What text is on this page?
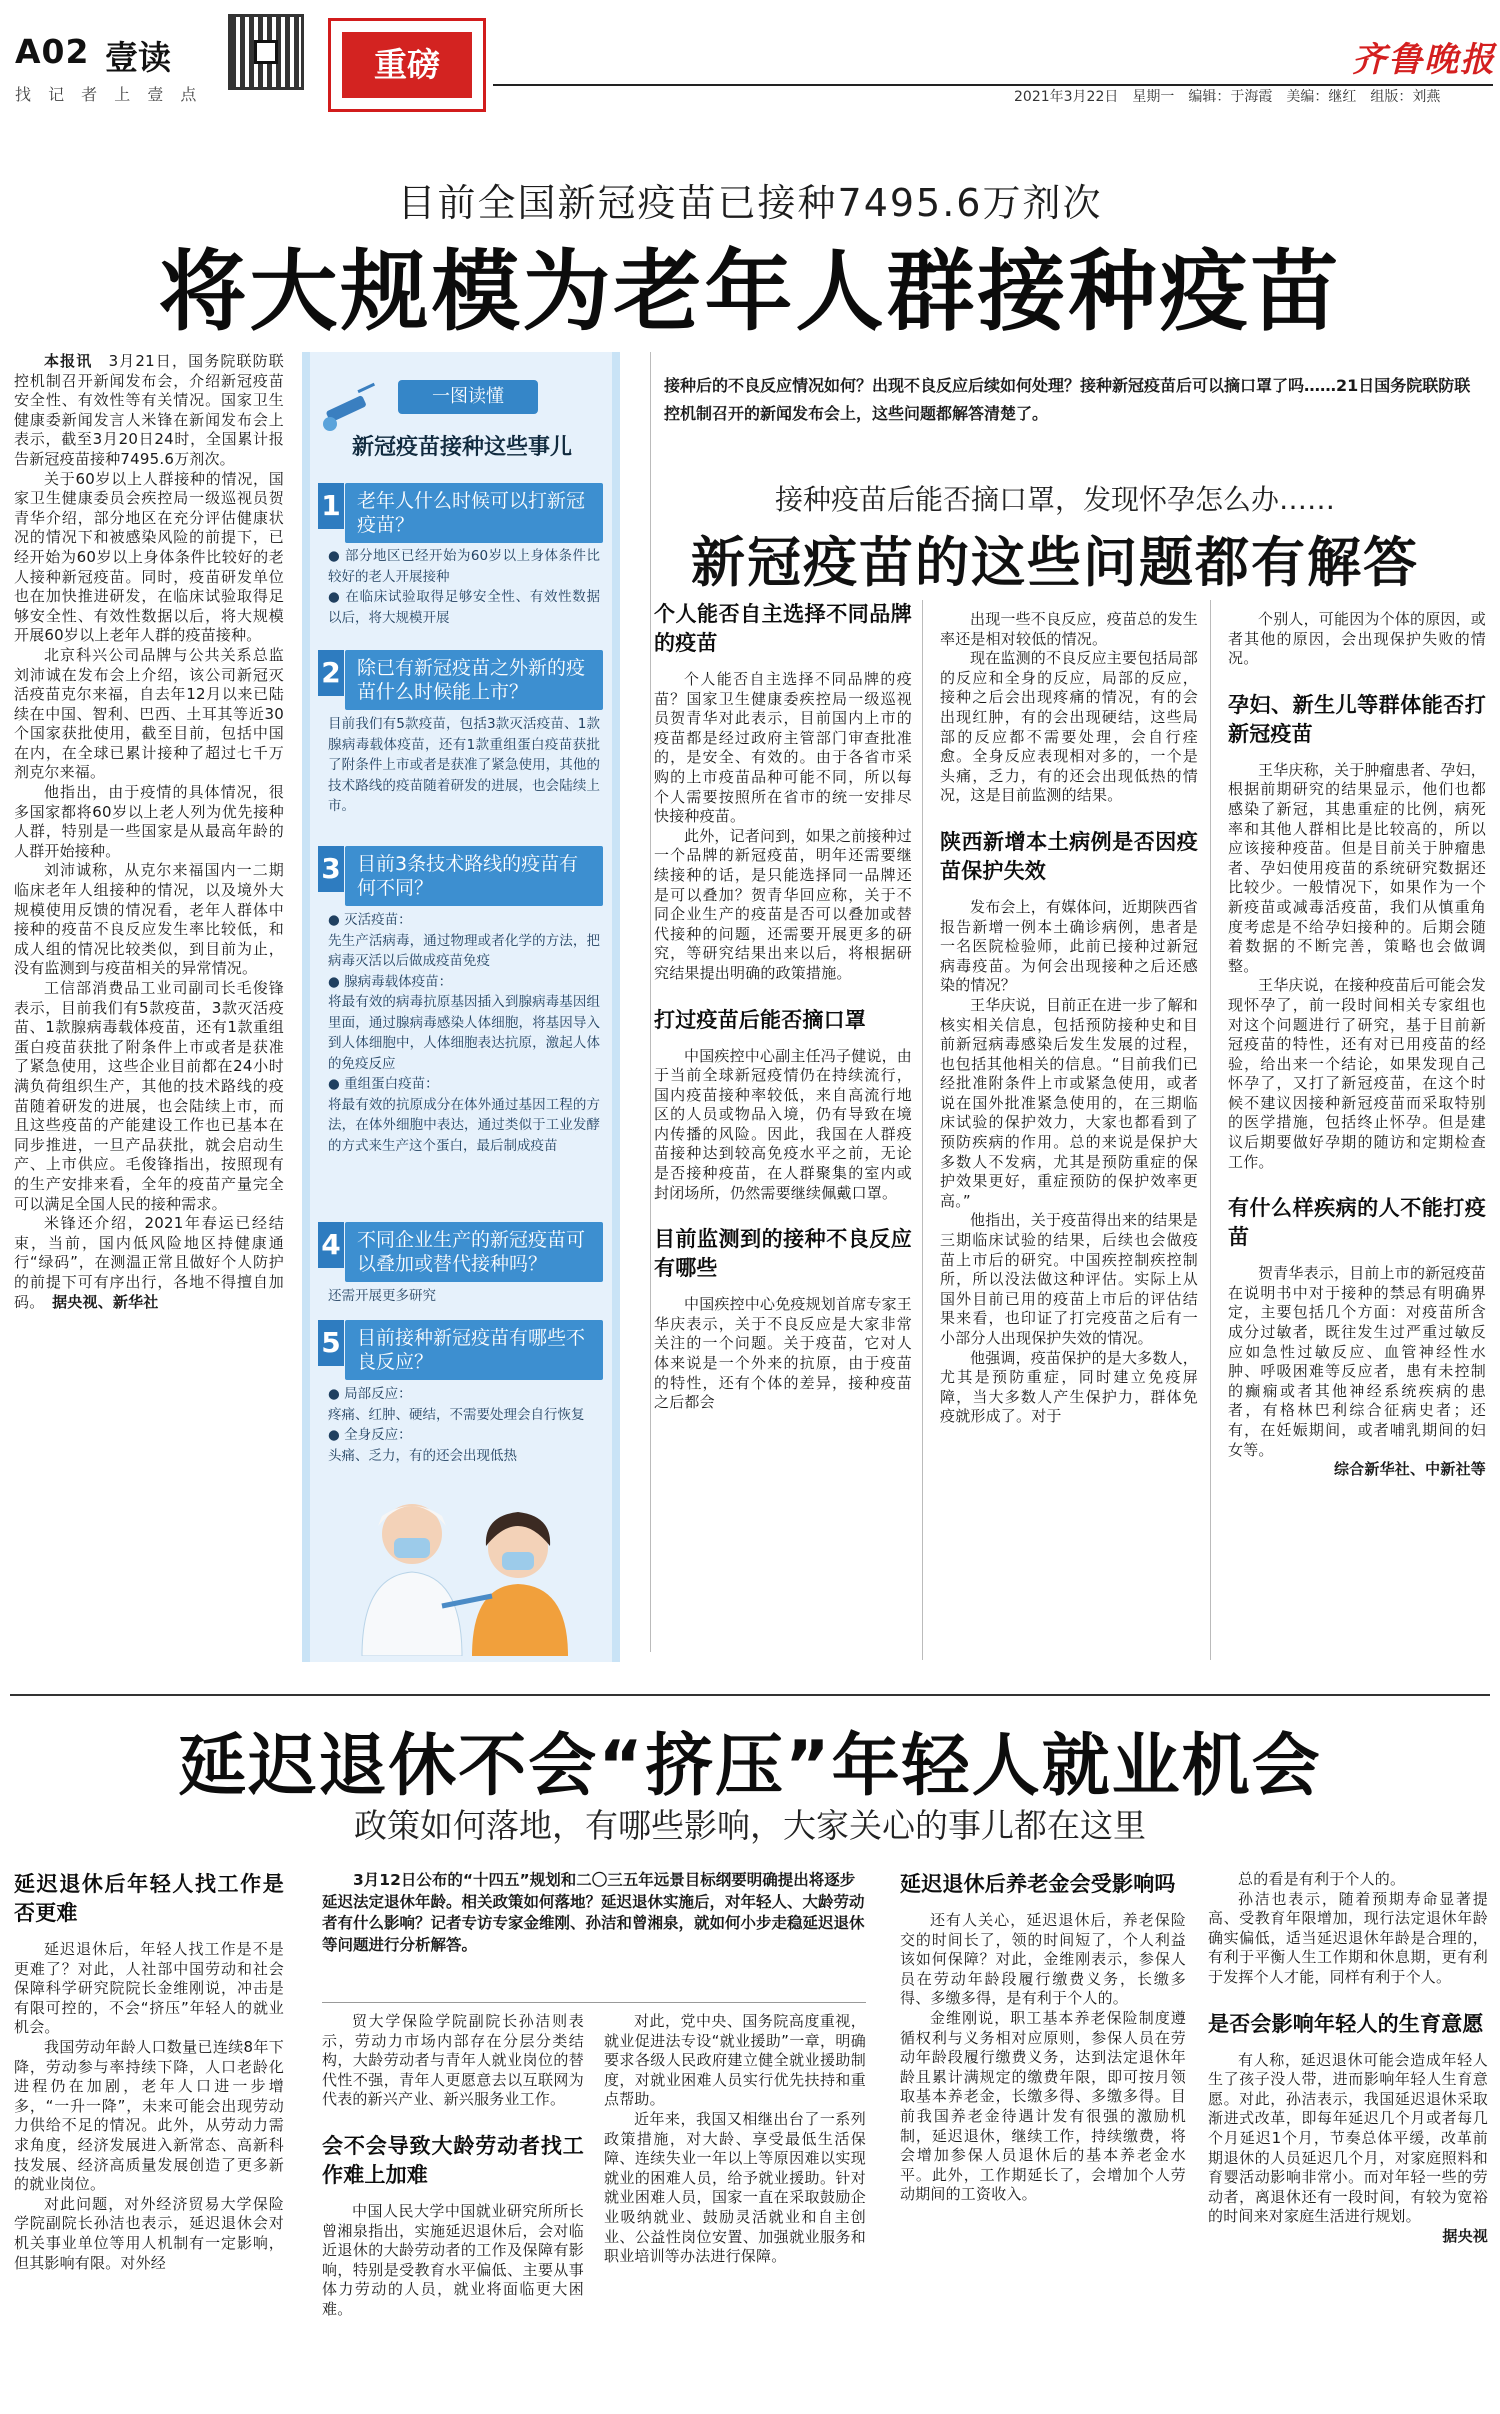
A02 壹读
找 记 者 上 壹 点
重磅	齐鲁晚报
2021年3月22日 星期一 编辑：于海霞 美编：继红 组版：刘燕
目前全国新冠疫苗已接种7495.6万剂次
将大规模为老年人群接种疫苗

本报讯　 3月21日，国务院联防联控机制召开新闻发布会，介绍新冠疫苗安全性、有效性等有关情况。国家卫生健康委新闻发言人米锋在新闻发布会上表示，截至3月20日24时，全国累计报告新冠疫苗接种7495.6万剂次。

关于60岁以上人群接种的情况，国家卫生健康委员会疾控局一级巡视员贺青华介绍，部分地区在充分评估健康状况的情况下和被感染风险的前提下，已经开始为60岁以上身体条件比较好的老人接种新冠疫苗。同时，疫苗研发单位也在加快推进研发，在临床试验取得足够安全性、有效性数据以后，将大规模开展60岁以上老年人群的疫苗接种。

北京科兴公司品牌与公共关系总监刘沛诚在发布会上介绍，该公司新冠灭活疫苗克尔来福，自去年12月以来已陆续在中国、智利、巴西、土耳其等近30个国家获批使用，截至目前，包括中国在内，在全球已累计接种了超过七千万剂克尔来福。

他指出，由于疫情的具体情况，很多国家都将60岁以上老人列为优先接种人群，特别是一些国家是从最高年龄的人群开始接种。

刘沛诚称，从克尔来福国内一二期临床老年人组接种的情况，以及境外大规模使用反馈的情况看，老年人群体中接种的疫苗不良反应发生率比较低，和成人组的情况比较类似，到目前为止，没有监测到与疫苗相关的异常情况。

工信部消费品工业司副司长毛俊锋表示，目前我们有5款疫苗，3款灭活疫苗、1款腺病毒载体疫苗，还有1款重组蛋白疫苗获批了附条件上市或者是获准了紧急使用，这些企业目前都在24小时满负荷组织生产，其他的技术路线的疫苗随着研发的进展，也会陆续上市，而且这些疫苗的产能建设工作也已基本在同步推进，一旦产品获批，就会启动生产、上市供应。毛俊锋指出，按照现有的生产安排来看，全年的疫苗产量完全可以满足全国人民的接种需求。

米锋还介绍，2021年春运已经结束，当前，国内低风险地区持健康通行“绿码”，在测温正常且做好个人防护的前提下可有序出行，各地不得擅自加码。　 据央视、新华社

一图读懂
新冠疫苗接种这些事儿
1 老年人什么时候可以打新冠疫苗？
● 部分地区已经开始为60岁以上身体条件比较好的老人开展接种
● 在临床试验取得足够安全性、有效性数据以后，将大规模开展
2 除已有新冠疫苗之外新的疫苗什么时候能上市？
目前我们有5款疫苗，包括3款灭活疫苗、1款腺病毒载体疫苗，还有1款重组蛋白疫苗获批了附条件上市或者是获准了紧急使用，其他的技术路线的疫苗随着研发的进展，也会陆续上市。
3 目前3条技术路线的疫苗有何不同？
● 灭活疫苗：
先生产活病毒，通过物理或者化学的方法，把病毒灭活以后做成疫苗免疫
● 腺病毒载体疫苗：
将最有效的病毒抗原基因插入到腺病毒基因组里面，通过腺病毒感染人体细胞，将基因导入到人体细胞中，人体细胞表达抗原，激起人体的免疫反应
● 重组蛋白疫苗：
将最有效的抗原成分在体外通过基因工程的方法，在体外细胞中表达，通过类似于工业发酵的方式来生产这个蛋白，最后制成疫苗
4 不同企业生产的新冠疫苗可以叠加或替代接种吗？
还需开展更多研究
5 目前接种新冠疫苗有哪些不良反应？
● 局部反应：
疼痛、红肿、硬结，不需要处理会自行恢复
● 全身反应：
头痛、乏力，有的还会出现低热
接种后的不良反应情况如何？出现不良反应后续如何处理？接种新冠疫苗后可以摘口罩了吗……21日国务院联防联控机制召开的新闻发布会上，这些问题都解答清楚了。
接种疫苗后能否摘口罩，发现怀孕怎么办……
新冠疫苗的这些问题都有解答
个人能否自主选择不同品牌的疫苗

个人能否自主选择不同品牌的疫苗？国家卫生健康委疾控局一级巡视员贺青华对此表示，目前国内上市的疫苗都是经过政府主管部门审查批准的，是安全、有效的。由于各省市采购的上市疫苗品种可能不同，所以每个人需要按照所在省市的统一安排尽快接种疫苗。

此外，记者问到，如果之前接种过一个品牌的新冠疫苗，明年还需要继续接种的话，是只能选择同一品牌还是可以叠加？贺青华回应称，关于不同企业生产的疫苗是否可以叠加或替代接种的问题，还需要开展更多的研究，等研究结果出来以后，将根据研究结果提出明确的政策措施。

打过疫苗后能否摘口罩

中国疾控中心副主任冯子健说，由于当前全球新冠疫情仍在持续流行，国内疫苗接种率较低，来自高流行地区的人员或物品入境，仍有导致在境内传播的风险。因此，我国在人群疫苗接种达到较高免疫水平之前，无论是否接种疫苗，在人群聚集的室内或封闭场所，仍然需要继续佩戴口罩。

目前监测到的接种不良反应有哪些

中国疾控中心免疫规划首席专家王华庆表示，关于不良反应是大家非常关注的一个问题。关于疫苗，它对人体来说是一个外来的抗原，由于疫苗的特性，还有个体的差异，接种疫苗之后都会

出现一些不良反应，疫苗总的发生率还是相对较低的情况。

现在监测的不良反应主要包括局部的反应和全身的反应，局部的反应，接种之后会出现疼痛的情况，有的会出现红肿，有的会出现硬结，这些局部的反应都不需要处理，会自行痊愈。全身反应表现相对多的，一个是头痛，乏力，有的还会出现低热的情况，这是目前监测的结果。

陕西新增本土病例是否因疫苗保护失效

发布会上，有媒体问，近期陕西省报告新增一例本土确诊病例，患者是一名医院检验师，此前已接种过新冠病毒疫苗。为何会出现接种之后还感染的情况？

王华庆说，目前正在进一步了解和核实相关信息，包括预防接种史和目前新冠病毒感染后发生发展的过程，也包括其他相关的信息。“目前我们已经批准附条件上市或紧急使用，或者说在国外批准紧急使用的，在三期临床试验的保护效力，大家也都看到了预防疾病的作用。总的来说是保护大多数人不发病，尤其是预防重症的保护效果更好，重症预防的保护效率更高。”

他指出，关于疫苗得出来的结果是三期临床试验的结果，后续也会做疫苗上市后的研究。中国疾控制疾控制所，所以没法做这种评估。实际上从国外目前已用的疫苗上市后的评估结果来看，也印证了打完疫苗之后有一小部分人出现保护失效的情况。

他强调，疫苗保护的是大多数人，尤其是预防重症，同时建立免疫屏障，当大多数人产生保护力，群体免疫就形成了。对于

个别人，可能因为个体的原因，或者其他的原因，会出现保护失败的情况。

孕妇、新生儿等群体能否打新冠疫苗

王华庆称，关于肿瘤患者、孕妇，根据前期研究的结果显示，他们也都感染了新冠，其患重症的比例，病死率和其他人群相比是比较高的，所以应该接种疫苗。但是目前关于肿瘤患者、孕妇使用疫苗的系统研究数据还比较少。一般情况下，如果作为一个新疫苗或减毒活疫苗，我们从慎重角度考虑是不给孕妇接种的。后期会随着数据的不断完善，策略也会做调整。

王华庆说，在接种疫苗后可能会发现怀孕了，前一段时间相关专家组也对这个问题进行了研究，基于目前新冠疫苗的特性，还有对已用疫苗的经验，给出来一个结论，如果发现自己怀孕了，又打了新冠疫苗，在这个时候不建议因接种新冠疫苗而采取特别的医学措施，包括终止怀孕。但是建议后期要做好孕期的随访和定期检查工作。

有什么样疾病的人不能打疫苗

贺青华表示，目前上市的新冠疫苗在说明书中对于接种的禁忌有明确界定，主要包括几个方面：对疫苗所含成分过敏者，既往发生过严重过敏反应如急性过敏反应、血管神经性水肿、呼吸困难等反应者，患有未控制的癫痫或者其他神经系统疾病的患者，有格林巴利综合征病史者；还有，在妊娠期间，或者哺乳期间的妇女等。

综合新华社、中新社等

延迟退休不会“挤压”年轻人就业机会
政策如何落地，有哪些影响，大家关心的事儿都在这里
3月12日公布的“十四五”规划和二〇三五年远景目标纲要明确提出将逐步延迟法定退休年龄。相关政策如何落地？延迟退休实施后，对年轻人、大龄劳动者有什么影响？记者专访专家金维刚、孙洁和曾湘泉，就如何小步走稳延迟退休等问题进行分析解答。
延迟退休后年轻人找工作是否更难

延迟退休后，年轻人找工作是不是更难了？对此，人社部中国劳动和社会保障科学研究院院长金维刚说，冲击是有限可控的，不会“挤压”年轻人的就业机会。

我国劳动年龄人口数量已连续8年下降，劳动参与率持续下降，人口老龄化进程仍在加剧，老年人口进一步增多，“一升一降”，未来可能会出现劳动力供给不足的情况。此外，从劳动力需求角度，经济发展进入新常态、高新科技发展、经济高质量发展创造了更多新的就业岗位。

对此问题，对外经济贸易大学保险学院副院长孙洁也表示，延迟退休会对机关事业单位等用人机制有一定影响，但其影响有限。对外经

贸大学保险学院副院长孙洁则表示，劳动力市场内部存在分层分类结构，大龄劳动者与青年人就业岗位的替代性不强，青年人更愿意去以互联网为代表的新兴产业、新兴服务业工作。

会不会导致大龄劳动者找工作难上加难

中国人民大学中国就业研究所所长曾湘泉指出，实施延迟退休后，会对临近退休的大龄劳动者的工作及保障有影响，特别是受教育水平偏低、主要从事体力劳动的人员，就业将面临更大困难。

对此，党中央、国务院高度重视，就业促进法专设“就业援助”一章，明确要求各级人民政府建立健全就业援助制度，对就业困难人员实行优先扶持和重点帮助。

近年来，我国又相继出台了一系列政策措施，对大龄、享受最低生活保障、连续失业一年以上等原因难以实现就业的困难人员，给予就业援助。针对就业困难人员，国家一直在采取鼓励企业吸纳就业、鼓励灵活就业和自主创业、公益性岗位安置、加强就业服务和职业培训等办法进行保障。

延迟退休后养老金会受影响吗

还有人关心，延迟退休后，养老保险交的时间长了，领的时间短了，个人利益该如何保障？对此，金维刚表示，参保人员在劳动年龄段履行缴费义务，长缴多得、多缴多得，是有利于个人的。

金维刚说，职工基本养老保险制度遵循权利与义务相对应原则，参保人员在劳动年龄段履行缴费义务，达到法定退休年龄且累计满规定的缴费年限，即可按月领取基本养老金，长缴多得、多缴多得。目前我国养老金待遇计发有很强的激励机制，延迟退休，继续工作，持续缴费，将会增加参保人员退休后的基本养老金水平。此外，工作期延长了，会增加个人劳动期间的工资收入。

总的看是有利于个人的。

孙洁也表示，随着预期寿命显著提高、受教育年限增加，现行法定退休年龄确实偏低，适当延迟退休年龄是合理的，有利于平衡人生工作期和休息期，更有利于发挥个人才能，同样有利于个人。

是否会影响年轻人的生育意愿

有人称，延迟退休可能会造成年轻人生了孩子没人带，进而影响年轻人生育意愿。对此，孙洁表示，我国延迟退休采取渐进式改革，即每年延迟几个月或者每几个月延迟1个月，节奏总体平缓，改革前期退休的人员延迟几个月，对家庭照料和育婴活动影响非常小。而对年轻一些的劳动者，离退休还有一段时间，有较为宽裕的时间来对家庭生活进行规划。

据央视
